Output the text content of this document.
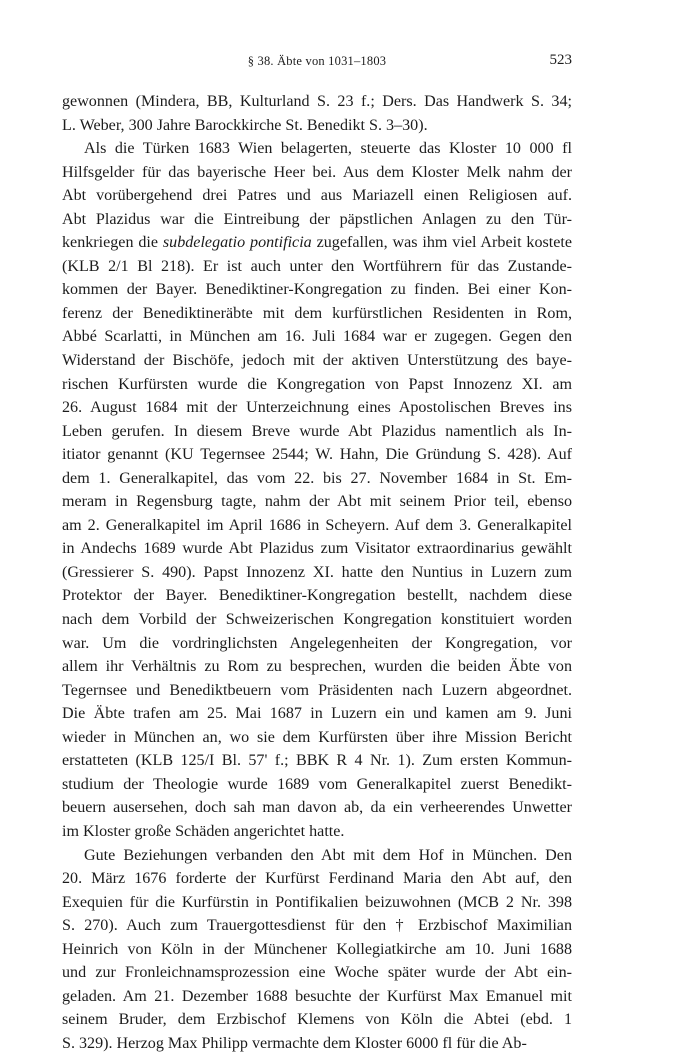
§ 38. Äbte von 1031–1803	523

gewonnen (Mindera, BB, Kulturland S. 23 f.; Ders. Das Handwerk S. 34;
L. Weber, 300 Jahre Barockkirche St. Benedikt S. 3–30).

Als die Türken 1683 Wien belagerten, steuerte das Kloster 10 000 fl
Hilfsgelder für das bayerische Heer bei. Aus dem Kloster Melk nahm der
Abt vorübergehend drei Patres und aus Mariazell einen Religiosen auf.
Abt Plazidus war die Eintreibung der päpstlichen Anlagen zu den Tür-
kenkriegen die subdelegatio pontificia zugefallen, was ihm viel Arbeit kostete
(KLB 2/1 Bl 218). Er ist auch unter den Wortführern für das Zustande-
kommen der Bayer. Benediktiner-Kongregation zu finden. Bei einer Kon-
ferenz der Benediktineräbte mit dem kurfürstlichen Residenten in Rom,
Abbé Scarlatti, in München am 16. Juli 1684 war er zugegen. Gegen den
Widerstand der Bischöfe, jedoch mit der aktiven Unterstützung des baye-
rischen Kurfürsten wurde die Kongregation von Papst Innozenz XI. am
26. August 1684 mit der Unterzeichnung eines Apostolischen Breves ins
Leben gerufen. In diesem Breve wurde Abt Plazidus namentlich als In-
itiator genannt (KU Tegernsee 2544; W. Hahn, Die Gründung S. 428). Auf
dem 1. Generalkapitel, das vom 22. bis 27. November 1684 in St. Em-
meram in Regensburg tagte, nahm der Abt mit seinem Prior teil, ebenso
am 2. Generalkapitel im April 1686 in Scheyern. Auf dem 3. Generalkapitel
in Andechs 1689 wurde Abt Plazidus zum Visitator extraordinarius gewählt
(Gressierer S. 490). Papst Innozenz XI. hatte den Nuntius in Luzern zum
Protektor der Bayer. Benediktiner-Kongregation bestellt, nachdem diese
nach dem Vorbild der Schweizerischen Kongregation konstituiert worden
war. Um die vordringlichsten Angelegenheiten der Kongregation, vor
allem ihr Verhältnis zu Rom zu besprechen, wurden die beiden Äbte von
Tegernsee und Benediktbeuern vom Präsidenten nach Luzern abgeordnet.
Die Äbte trafen am 25. Mai 1687 in Luzern ein und kamen am 9. Juni
wieder in München an, wo sie dem Kurfürsten über ihre Mission Bericht
erstatteten (KLB 125/I Bl. 57' f.; BBK R 4 Nr. 1). Zum ersten Kommun-
studium der Theologie wurde 1689 vom Generalkapitel zuerst Benedikt-
beuern ausersehen, doch sah man davon ab, da ein verheerendes Unwetter
im Kloster große Schäden angerichtet hatte.

Gute Beziehungen verbanden den Abt mit dem Hof in München. Den
20. März 1676 forderte der Kurfürst Ferdinand Maria den Abt auf, den
Exequien für die Kurfürstin in Pontifikalien beizuwohnen (MCB 2 Nr. 398
S. 270). Auch zum Trauergottesdienst für den † Erzbischof Maximilian
Heinrich von Köln in der Münchener Kollegiatkirche am 10. Juni 1688
und zur Fronleichnamsprozession eine Woche später wurde der Abt ein-
geladen. Am 21. Dezember 1688 besuchte der Kurfürst Max Emanuel mit
seinem Bruder, dem Erzbischof Klemens von Köln die Abtei (ebd. 1
S. 329). Herzog Max Philipp vermachte dem Kloster 6000 fl für die Ab-
